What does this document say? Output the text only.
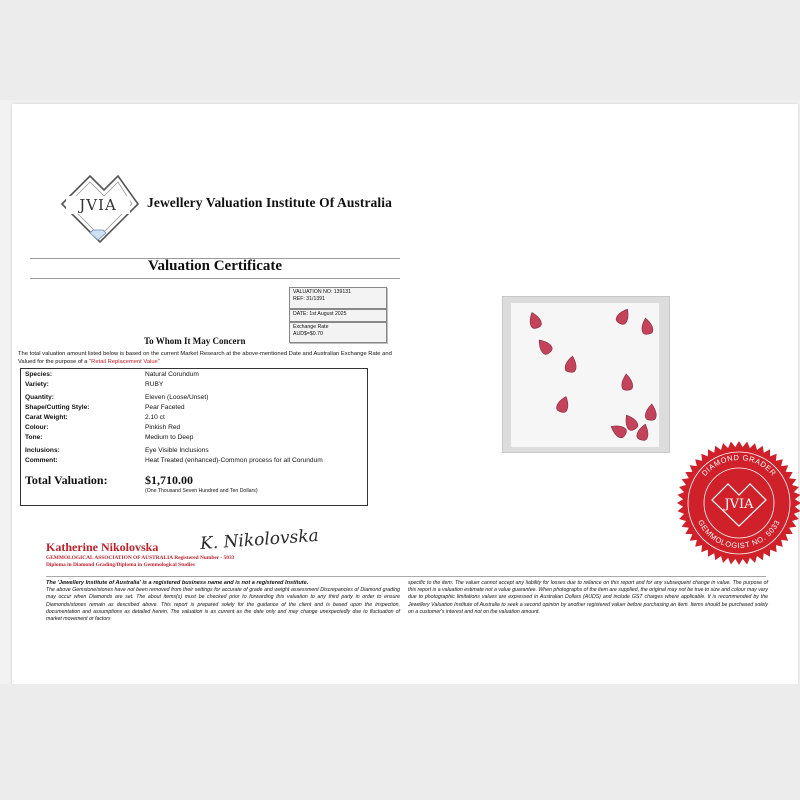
JVIA Jewellery Valuation Institute Of Australia
Valuation Certificate
VALUATION NO: 139131
REF: 31/1391
DATE: 1st August 2025
Exchange Rate
AUD$=$0.70
To Whom It May Concern
The total valuation amount listed below is based on the current Market Research at the above-mentioned Date and Australian Exchange Rate and Valued for the purpose of a "Retail Replacement Value"
Species:	Natural Corundum
Variety:	RUBY
Quantity:	Eleven (Loose/Unset)
Shape/Cutting Style:	Pear Faceted
Carat Weight:	2.10 ct
Colour:	Pinkish Red
Tone:	Medium to Deep
Inclusions:	Eye Visible Inclusions
Comment:	Heat Treated (enhanced)-Common process for all Corundum
Total Valuation:	$1,710.00
(One Thousand Seven Hundred and Ten Dollars)
DIAMOND GRADER
GEMMOLOGIST NO. 5033
JVIA
Katherine Nikolovska K. Nikolovska
GEMMOLOGICAL ASSOCIATION OF AUSTRALIA Registered Number - 5033
Diploma in Diamond Grading/Diploma in Gemmological Studies
The 'Jewellery Institute of Australia' is a registered business name and is not a registered Institute.
The above Gemstone/stones have not been removed from their settings for accurate of grade and weight assessment Discrepancies of Diamond grading may occur when Diamonds are set. The about items(s) must be checked prior to forwarding this valuation to any third party in order to ensure Diamonds/stones remain as described above. This report is prepared solely for the guidance of the client and is based upon the inspection, documentation and assumptions as detailed herein. The valuation is as current as the date only and may change unexpectedly due to fluctuation of market movement or factors
specific to the item. The valuer cannot accept any liability for losses due to reliance on this report and for any subsequent change in value. The purpose of this report is a valuation estimate not a value guarantee. When photographs of the item are supplied, the original may not be true to size and colour may vary due to photographic limitations values are expressed in Australian Dollars (AUDS) and include GST charges where applicable. It is recommended by the Jewellery Valuation Institute of Australia to seek a second opinion by another registered valuer before purchasing an item. Items should be purchased solely on a customer's interest and not on the valuation amount.
